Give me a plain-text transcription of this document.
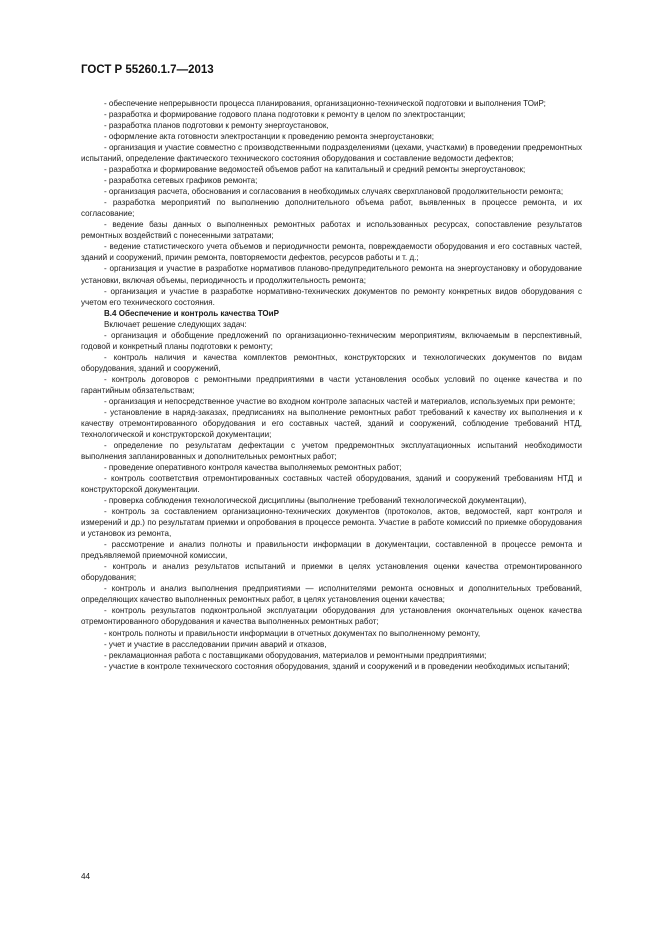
ГОСТ Р 55260.1.7—2013

- обеспечение непрерывности процесса планирования, организационно-технической подготовки и выполнения ТОиР;

- разработка и формирование годового плана подготовки к ремонту в целом по электростанции;

- разработка планов подготовки к ремонту энергоустановок,

- оформление акта готовности электростанции к проведению ремонта энергоустановки;

- организация и участие совместно с производственными подразделениями (цехами, участками) в проведении предремонтных испытаний, определение фактического технического состояния оборудования и составление ведомости дефектов;

- разработка и формирование ведомостей объемов работ на капитальный и средний ремонты энергоустановок;

- разработка сетевых графиков ремонта;

- организация расчета, обоснования и согласования в необходимых случаях сверхплановой продолжительности ремонта;

- разработка мероприятий по выполнению дополнительного объема работ, выявленных в процессе ремонта, и их согласование;

- ведение базы данных о выполненных ремонтных работах и использованных ресурсах, сопоставление результатов ремонтных воздействий с понесенными затратами;

- ведение статистического учета объемов и периодичности ремонта, повреждаемости оборудования и его составных частей, зданий и сооружений, причин ремонта, повторяемости дефектов, ресурсов работы и т. д.;

- организация и участие в разработке нормативов планово-предупредительного ремонта на энергоустановку и оборудование установки, включая объемы, периодичность и продолжительность ремонта;

- организация и участие в разработке нормативно-технических документов по ремонту конкретных видов оборудования с учетом его технического состояния.

В.4 Обеспечение и контроль качества ТОиР

Включает решение следующих задач:

- организация и обобщение предложений по организационно-техническим мероприятиям, включаемым в перспективный, годовой и конкретный планы подготовки к ремонту;

- контроль наличия и качества комплектов ремонтных, конструкторских и технологических документов по видам оборудования, зданий и сооружений,

- контроль договоров с ремонтными предприятиями в части установления особых условий по оценке качества и по гарантийным обязательствам;

- организация и непосредственное участие во входном контроле запасных частей и материалов, используемых при ремонте;

- установление в наряд-заказах, предписаниях на выполнение ремонтных работ требований к качеству их выполнения и к качеству отремонтированного оборудования и его составных частей, зданий и сооружений, соблюдение требований НТД, технологической и конструкторской документации;

- определение по результатам дефектации с учетом предремонтных эксплуатационных испытаний необходимости выполнения запланированных и дополнительных ремонтных работ;

- проведение оперативного контроля качества выполняемых ремонтных работ;

- контроль соответствия отремонтированных составных частей оборудования, зданий и сооружений требованиям НТД и конструкторской документации.

- проверка соблюдения технологической дисциплины (выполнение требований технологической документации),

- контроль за составлением организационно-технических документов (протоколов, актов, ведомостей, карт контроля и измерений и др.) по результатам приемки и опробования в процессе ремонта. Участие в работе комиссий по приемке оборудования и установок из ремонта,

- рассмотрение и анализ полноты и правильности информации в документации, составленной в процессе ремонта и предъявляемой приемочной комиссии,

- контроль и анализ результатов испытаний и приемки в целях установления оценки качества отремонтированного оборудования;

- контроль и анализ выполнения предприятиями — исполнителями ремонта основных и дополнительных требований, определяющих качество выполненных ремонтных работ, в целях установления оценки качества;

- контроль результатов подконтрольной эксплуатации оборудования для установления окончательных оценок качества отремонтированного оборудования и качества выполненных ремонтных работ;

- контроль полноты и правильности информации в отчетных документах по выполненному ремонту,

- учет и участие в расследовании причин аварий и отказов,

- рекламационная работа с поставщиками оборудования, материалов и ремонтными предприятиями;

- участие в контроле технического состояния оборудования, зданий и сооружений и в проведении необходимых испытаний;

44
